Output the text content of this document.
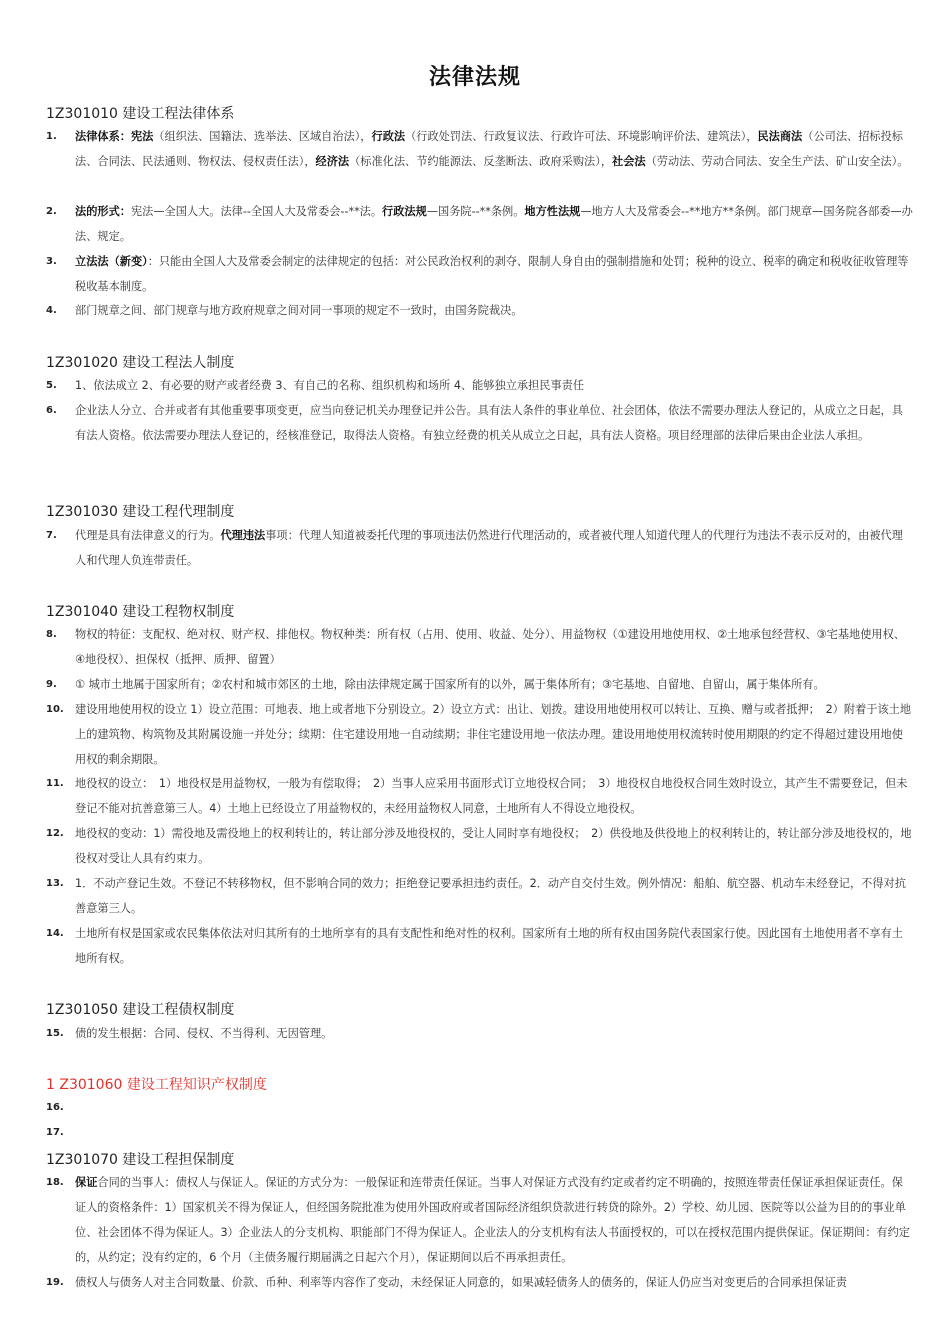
法律法规
1Z301010 建设工程法律体系
1.	法律体系：宪法（组织法、国籍法、选举法、区域自治法），行政法（行政处罚法、行政复议法、行政许可法、环境影响评价法、建筑法），民法商法（公司法、招标投标法、合同法、民法通则、物权法、侵权责任法），经济法（标准化法、节约能源法、反垄断法、政府采购法），社会法（劳动法、劳动合同法、安全生产法、矿山安全法）。
2.	法的形式：宪法—全国人大。法律--全国人大及常委会--**法。行政法规—国务院--**条例。地方性法规—地方人大及常委会--**地方**条例。部门规章—国务院各部委—办法、规定。
3.	立法法（新变）：只能由全国人大及常委会制定的法律规定的包括：对公民政治权利的剥夺、限制人身自由的强制措施和处罚；税种的设立、税率的确定和税收征收管理等税收基本制度。
4.	部门规章之间、部门规章与地方政府规章之间对同一事项的规定不一致时，由国务院裁决。
1Z301020 建设工程法人制度
5.	1、依法成立 2、有必要的财产或者经费 3、有自己的名称、组织机构和场所 4、能够独立承担民事责任
6.	企业法人分立、合并或者有其他重要事项变更，应当向登记机关办理登记并公告。具有法人条件的事业单位、社会团体，依法不需要办理法人登记的，从成立之日起，具有法人资格。依法需要办理法人登记的，经核准登记，取得法人资格。有独立经费的机关从成立之日起，具有法人资格。项目经理部的法律后果由企业法人承担。
1Z301030 建设工程代理制度
7.	代理是具有法律意义的行为。代理违法事项：代理人知道被委托代理的事项违法仍然进行代理活动的，或者被代理人知道代理人的代理行为违法不表示反对的，由被代理人和代理人负连带责任。
1Z301040 建设工程物权制度
8.	物权的特征：支配权、绝对权、财产权、排他权。物权种类：所有权（占用、使用、收益、处分）、用益物权（①建设用地使用权、②土地承包经营权、③宅基地使用权、④地役权）、担保权（抵押、质押、留置）
9.	① 城市土地属于国家所有；②农村和城市郊区的土地，除由法律规定属于国家所有的以外，属于集体所有；③宅基地、自留地、自留山，属于集体所有。
10.	建设用地使用权的设立 1）设立范围：可地表、地上或者地下分别设立。2）设立方式：出让、划拨。建设用地使用权可以转让、互换、赠与或者抵押；　2）附着于该土地上的建筑物、构筑物及其附属设施一并处分；续期：住宅建设用地一自动续期；非住宅建设用地一依法办理。建设用地使用权流转时使用期限的约定不得超过建设用地使用权的剩余期限。
11.	地役权的设立：　1）地役权是用益物权，一般为有偿取得；　2）当事人应采用书面形式订立地役权合同；　3）地役权自地役权合同生效时设立，其产生不需要登记，但未登记不能对抗善意第三人。4）土地上已经设立了用益物权的，未经用益物权人同意，土地所有人不得设立地役权。
12.	地役权的变动：1）需役地及需役地上的权利转让的，转让部分涉及地役权的，受让人同时享有地役权；　2）供役地及供役地上的权利转让的，转让部分涉及地役权的，地役权对受让人具有约束力。
13.	1．不动产登记生效。不登记不转移物权，但不影响合同的效力；拒绝登记要承担违约责任。2．动产自交付生效。例外情况：船舶、航空器、机动车未经登记，不得对抗善意第三人。
14.	土地所有权是国家或农民集体依法对归其所有的土地所享有的具有支配性和绝对性的权利。国家所有土地的所有权由国务院代表国家行使。因此国有土地使用者不享有土地所有权。
1Z301050 建设工程债权制度
15.	债的发生根据：合同、侵权、不当得利、无因管理。
1 Z301060 建设工程知识产权制度
16.
17.
1Z301070 建设工程担保制度
18.	保证合同的当事人：债权人与保证人。保证的方式分为：一般保证和连带责任保证。当事人对保证方式没有约定或者约定不明确的，按照连带责任保证承担保证责任。保证人的资格条件：1）国家机关不得为保证人，但经国务院批准为使用外国政府或者国际经济组织贷款进行转贷的除外。2）学校、幼儿园、医院等以公益为目的的事业单位、社会团体不得为保证人。3）企业法人的分支机构、职能部门不得为保证人。企业法人的分支机构有法人书面授权的，可以在授权范围内提供保证。保证期间：有约定的，从约定；没有约定的，6 个月（主债务履行期届满之日起六个月），保证期间以后不再承担责任。
19.	债权人与债务人对主合同数量、价款、币种、利率等内容作了变动，未经保证人同意的，如果减轻债务人的债务的，保证人仍应当对变更后的合同承担保证责
